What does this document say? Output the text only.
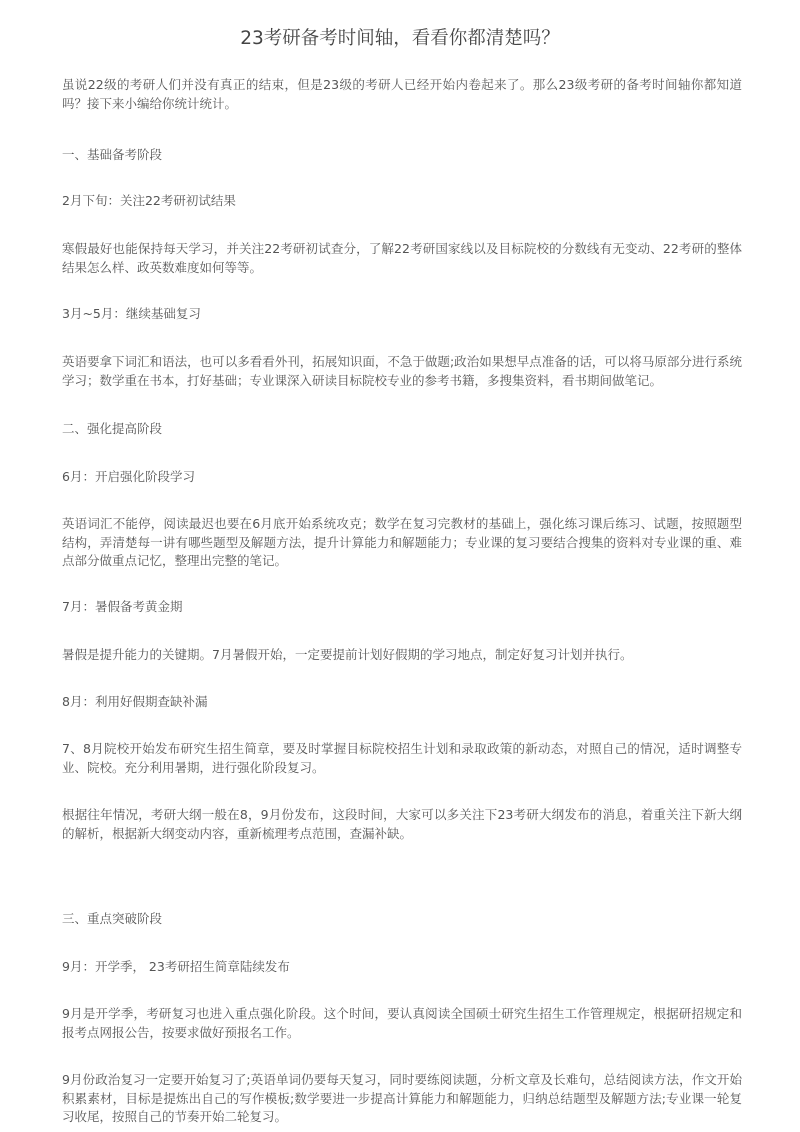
23考研备考时间轴，看看你都清楚吗？

虽说22级的考研人们并没有真正的结束，但是23级的考研人已经开始内卷起来了。那么23级考研的备考时间轴你都知道吗？接下来小编给你统计统计。

一、基础备考阶段

2月下旬：关注22考研初试结果

寒假最好也能保持每天学习，并关注22考研初试查分，了解22考研国家线以及目标院校的分数线有无变动、22考研的整体结果怎么样、政英数难度如何等等。

3月~5月：继续基础复习

英语要拿下词汇和语法，也可以多看看外刊，拓展知识面，不急于做题;政治如果想早点准备的话，可以将马原部分进行系统学习；数学重在书本，打好基础；专业课深入研读目标院校专业的参考书籍，多搜集资料，看书期间做笔记。

二、强化提高阶段

6月：开启强化阶段学习

英语词汇不能停，阅读最迟也要在6月底开始系统攻克；数学在复习完教材的基础上，强化练习课后练习、试题，按照题型结构，弄清楚每一讲有哪些题型及解题方法，提升计算能力和解题能力；专业课的复习要结合搜集的资料对专业课的重、难点部分做重点记忆，整理出完整的笔记。

7月：暑假备考黄金期

暑假是提升能力的关键期。7月暑假开始，一定要提前计划好假期的学习地点，制定好复习计划并执行。

8月：利用好假期查缺补漏

7、8月院校开始发布研究生招生简章，要及时掌握目标院校招生计划和录取政策的新动态，对照自己的情况，适时调整专业、院校。充分利用暑期，进行强化阶段复习。

根据往年情况，考研大纲一般在8，9月份发布，这段时间，大家可以多关注下23考研大纲发布的消息，着重关注下新大纲的解析，根据新大纲变动内容，重新梳理考点范围，查漏补缺。

三、重点突破阶段

9月：开学季， 23考研招生简章陆续发布

9月是开学季，考研复习也进入重点强化阶段。这个时间，要认真阅读全国硕士研究生招生工作管理规定，根据研招规定和报考点网报公告，按要求做好预报名工作。

9月份政治复习一定要开始复习了;英语单词仍要每天复习，同时要练阅读题，分析文章及长难句，总结阅读方法，作文开始积累素材，目标是提炼出自己的写作模板;数学要进一步提高计算能力和解题能力，归纳总结题型及解题方法;专业课一轮复习收尾，按照自己的节奏开始二轮复习。
